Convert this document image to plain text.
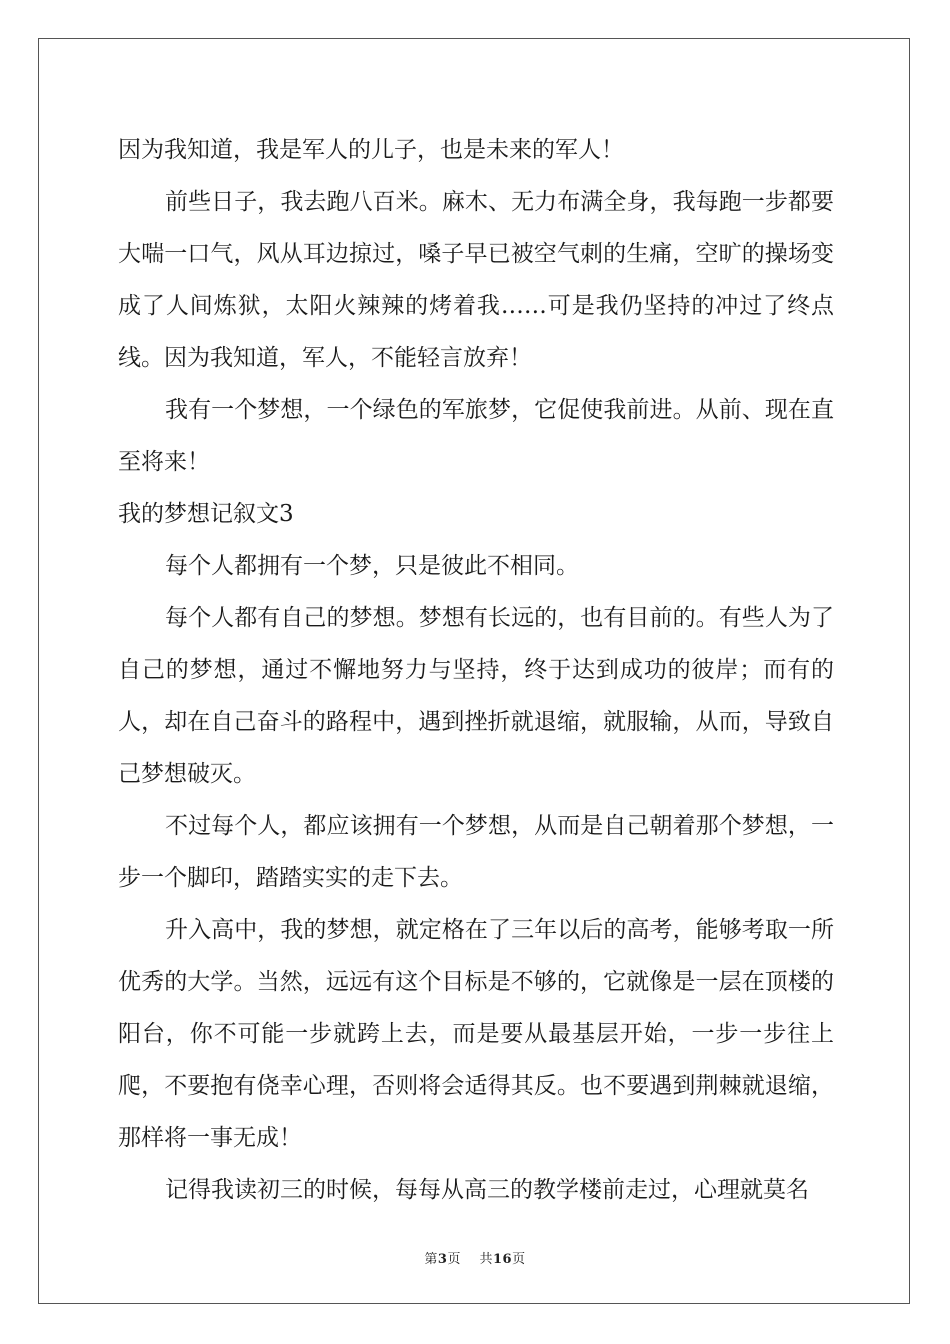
因为我知道，我是军人的儿子，也是未来的军人！

前些日子，我去跑八百米。麻木、无力布满全身，我每跑一步都要大喘一口气，风从耳边掠过，嗓子早已被空气刺的生痛，空旷的操场变成了人间炼狱，太阳火辣辣的烤着我……可是我仍坚持的冲过了终点线。因为我知道，军人，不能轻言放弃！

我有一个梦想，一个绿色的军旅梦，它促使我前进。从前、现在直至将来！

我的梦想记叙文3

每个人都拥有一个梦，只是彼此不相同。

每个人都有自己的梦想。梦想有长远的，也有目前的。有些人为了自己的梦想，通过不懈地努力与坚持，终于达到成功的彼岸；而有的人，却在自己奋斗的路程中，遇到挫折就退缩，就服输，从而，导致自己梦想破灭。

不过每个人，都应该拥有一个梦想，从而是自己朝着那个梦想，一步一个脚印，踏踏实实的走下去。

升入高中，我的梦想，就定格在了三年以后的高考，能够考取一所优秀的大学。当然，远远有这个目标是不够的，它就像是一层在顶楼的阳台，你不可能一步就跨上去，而是要从最基层开始，一步一步往上爬，不要抱有侥幸心理，否则将会适得其反。也不要遇到荆棘就退缩，那样将一事无成！

记得我读初三的时候，每每从高三的教学楼前走过，心理就莫名

第3页 共16页
